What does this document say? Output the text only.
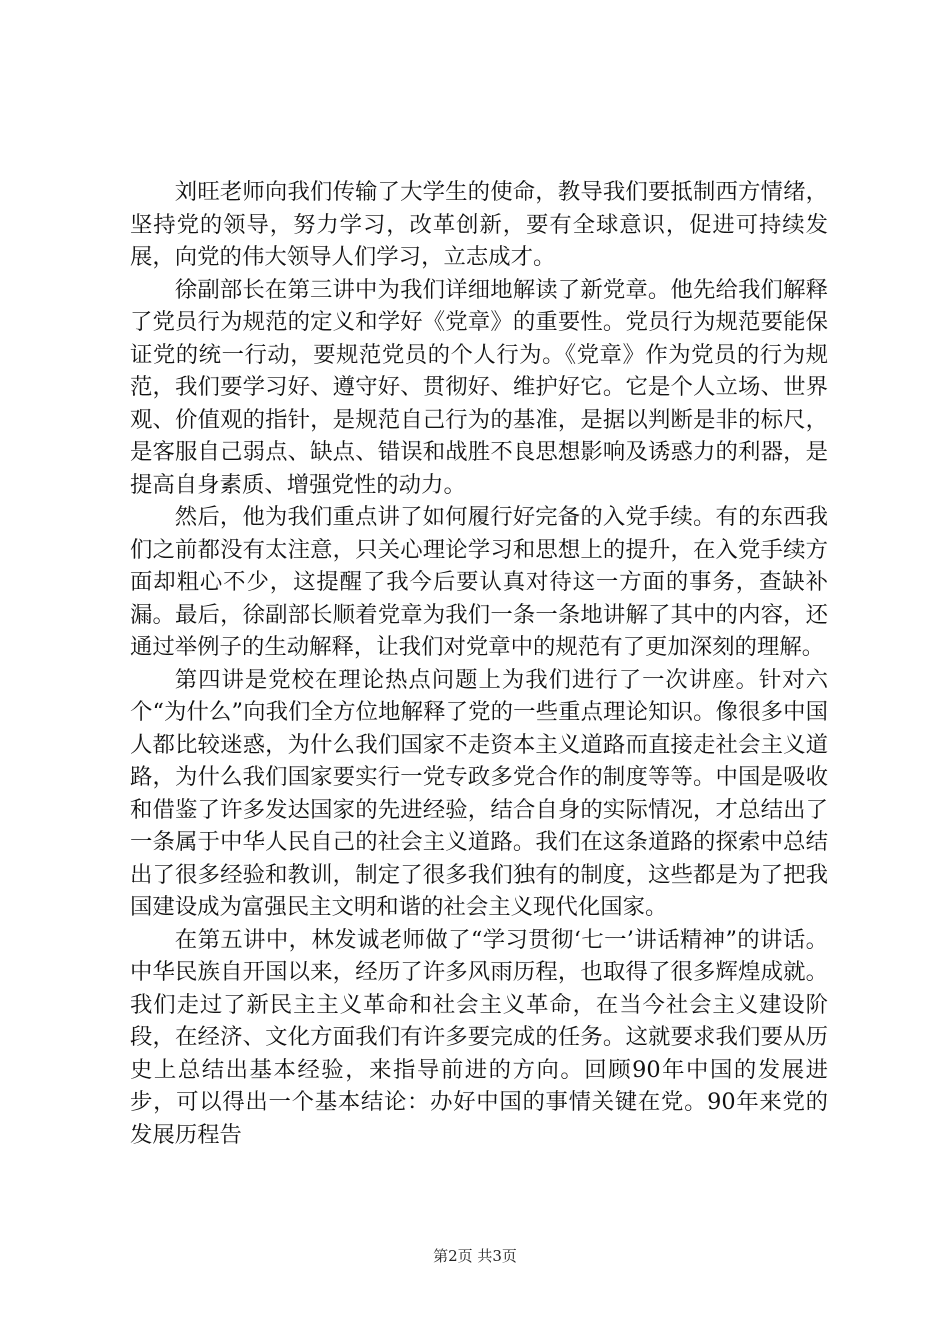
刘旺老师向我们传输了大学生的使命，教导我们要抵制西方情绪，坚持党的领导，努力学习，改革创新，要有全球意识，促进可持续发展，向党的伟大领导人们学习，立志成才。

徐副部长在第三讲中为我们详细地解读了新党章。他先给我们解释了党员行为规范的定义和学好《党章》的重要性。党员行为规范要能保证党的统一行动，要规范党员的个人行为。《党章》作为党员的行为规范，我们要学习好、遵守好、贯彻好、维护好它。它是个人立场、世界观、价值观的指针，是规范自己行为的基准，是据以判断是非的标尺，是客服自己弱点、缺点、错误和战胜不良思想影响及诱惑力的利器，是提高自身素质、增强党性的动力。

然后，他为我们重点讲了如何履行好完备的入党手续。有的东西我们之前都没有太注意，只关心理论学习和思想上的提升，在入党手续方面却粗心不少，这提醒了我今后要认真对待这一方面的事务，查缺补漏。最后，徐副部长顺着党章为我们一条一条地讲解了其中的内容，还通过举例子的生动解释，让我们对党章中的规范有了更加深刻的理解。

第四讲是党校在理论热点问题上为我们进行了一次讲座。针对六个“为什么”向我们全方位地解释了党的一些重点理论知识。像很多中国人都比较迷惑，为什么我们国家不走资本主义道路而直接走社会主义道路，为什么我们国家要实行一党专政多党合作的制度等等。中国是吸收和借鉴了许多发达国家的先进经验，结合自身的实际情况，才总结出了一条属于中华人民自己的社会主义道路。我们在这条道路的探索中总结出了很多经验和教训，制定了很多我们独有的制度，这些都是为了把我国建设成为富强民主文明和谐的社会主义现代化国家。

在第五讲中，林发诚老师做了“学习贯彻‘七一’讲话精神”的讲话。中华民族自开国以来，经历了许多风雨历程，也取得了很多辉煌成就。我们走过了新民主主义革命和社会主义革命，在当今社会主义建设阶段，在经济、文化方面我们有许多要完成的任务。这就要求我们要从历史上总结出基本经验，来指导前进的方向。回顾90年中国的发展进步，可以得出一个基本结论：办好中国的事情关键在党。90年来党的发展历程告

第2页 共3页
